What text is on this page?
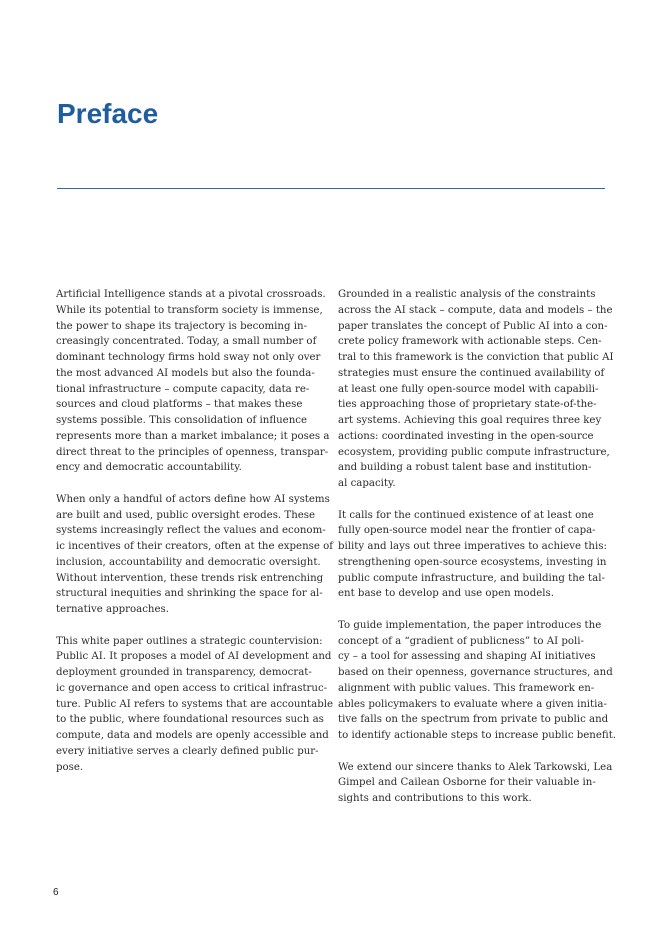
Preface

Artificial Intelligence stands at a pivotal crossroads.
While its potential to transform society is immense,
the power to shape its trajectory is becoming in-
creasingly concentrated. Today, a small number of
dominant technology firms hold sway not only over
the most advanced AI models but also the founda-
tional infrastructure – compute capacity, data re-
sources and cloud platforms – that makes these
systems possible. This consolidation of influence
represents more than a market imbalance; it poses a
direct threat to the principles of openness, transpar-
ency and democratic accountability.

When only a handful of actors define how AI systems
are built and used, public oversight erodes. These
systems increasingly reflect the values and econom-
ic incentives of their creators, often at the expense of
inclusion, accountability and democratic oversight.
Without intervention, these trends risk entrenching
structural inequities and shrinking the space for al-
ternative approaches.

This white paper outlines a strategic countervision:
Public AI. It proposes a model of AI development and
deployment grounded in transparency, democrat-
ic governance and open access to critical infrastruc-
ture. Public AI refers to systems that are accountable
to the public, where foundational resources such as
compute, data and models are openly accessible and
every initiative serves a clearly defined public pur-
pose.

Grounded in a realistic analysis of the constraints
across the AI stack – compute, data and models – the
paper translates the concept of Public AI into a con-
crete policy framework with actionable steps. Cen-
tral to this framework is the conviction that public AI
strategies must ensure the continued availability of
at least one fully open-source model with capabili-
ties approaching those of proprietary state-of-the-
art systems. Achieving this goal requires three key
actions: coordinated investing in the open-source
ecosystem, providing public compute infrastructure,
and building a robust talent base and institution-
al capacity.

It calls for the continued existence of at least one
fully open-source model near the frontier of capa-
bility and lays out three imperatives to achieve this:
strengthening open-source ecosystems, investing in
public compute infrastructure, and building the tal-
ent base to develop and use open models.

To guide implementation, the paper introduces the
concept of a “gradient of publicness” to AI poli-
cy – a tool for assessing and shaping AI initiatives
based on their openness, governance structures, and
alignment with public values. This framework en-
ables policymakers to evaluate where a given initia-
tive falls on the spectrum from private to public and
to identify actionable steps to increase public benefit.

We extend our sincere thanks to Alek Tarkowski, Lea
Gimpel and Cailean Osborne for their valuable in-
sights and contributions to this work.

6
